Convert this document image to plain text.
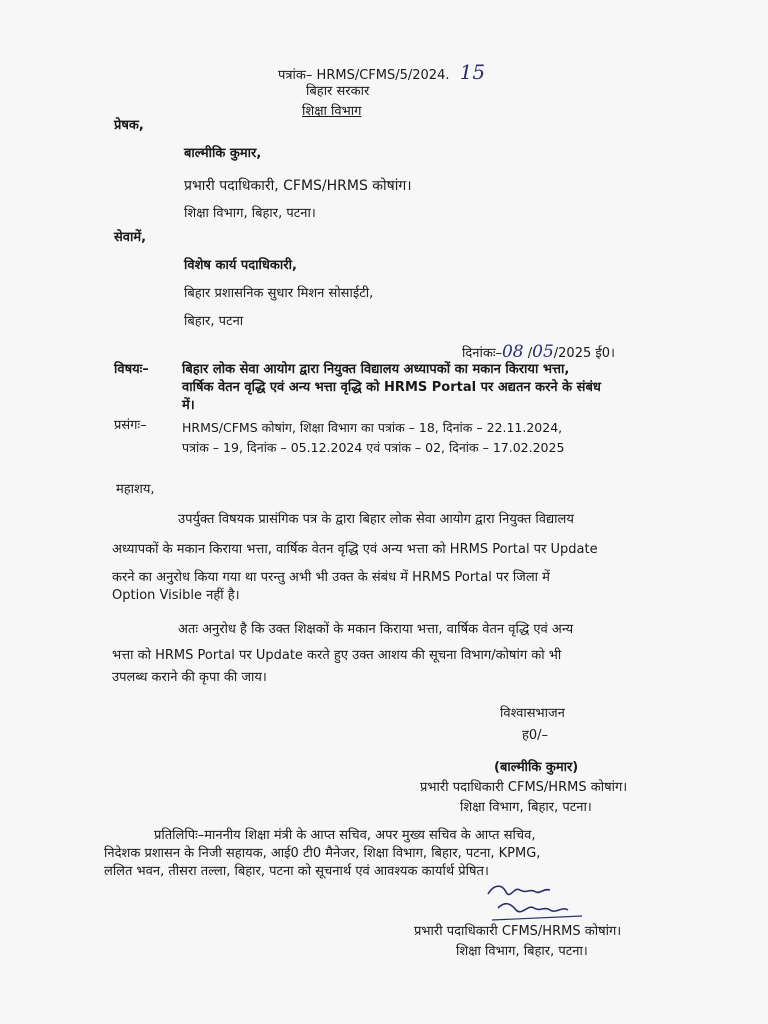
पत्रांक– HRMS/CFMS/5/2024. 15
बिहार सरकार
शिक्षा विभाग
प्रेषक,
बाल्मीकि कुमार,
प्रभारी पदाधिकारी, CFMS/HRMS कोषांग।
शिक्षा विभाग, बिहार, पटना।
सेवामें,
विशेष कार्य पदाधिकारी,
बिहार प्रशासनिक सुधार मिशन सोसाईटी,
बिहार, पटना
दिनांकः–08 /05/2025 ई0।
विषयः–	बिहार लोक सेवा आयोग द्वारा नियुक्त विद्यालय अध्यापकों का मकान किराया भत्ता,
वार्षिक वेतन वृद्धि एवं अन्य भत्ता वृद्धि को HRMS Portal पर अद्यतन करने के संबंध
में।
प्रसंगः–	HRMS/CFMS कोषांग, शिक्षा विभाग का पत्रांक – 18, दिनांक – 22.11.2024,
पत्रांक – 19, दिनांक – 05.12.2024 एवं पत्रांक – 02, दिनांक – 17.02.2025
महाशय,
उपर्युक्त विषयक प्रासंगिक पत्र के द्वारा बिहार लोक सेवा आयोग द्वारा नियुक्त विद्यालय
अध्यापकों के मकान किराया भत्ता, वार्षिक वेतन वृद्धि एवं अन्य भत्ता को HRMS Portal पर Update
करने का अनुरोध किया गया था परन्तु अभी भी उक्त के संबंध में HRMS Portal पर जिला में
Option Visible नहीं है।
अतः अनुरोध है कि उक्त शिक्षकों के मकान किराया भत्ता, वार्षिक वेतन वृद्धि एवं अन्य
भत्ता को HRMS Portal पर Update करते हुए उक्त आशय की सूचना विभाग/कोषांग को भी
उपलब्ध कराने की कृपा की जाय।
विश्वासभाजन
ह0/–
(बाल्मीकि कुमार)
प्रभारी पदाधिकारी CFMS/HRMS कोषांग।
शिक्षा विभाग, बिहार, पटना।
प्रतिलिपिः–माननीय शिक्षा मंत्री के आप्त सचिव, अपर मुख्य सचिव के आप्त सचिव,
निदेशक प्रशासन के निजी सहायक, आई0 टी0 मैनेजर, शिक्षा विभाग, बिहार, पटना, KPMG,
ललित भवन, तीसरा तल्ला, बिहार, पटना को सूचनार्थ एवं आवश्यक कार्यार्थ प्रेषित।
प्रभारी पदाधिकारी CFMS/HRMS कोषांग।
शिक्षा विभाग, बिहार, पटना।
